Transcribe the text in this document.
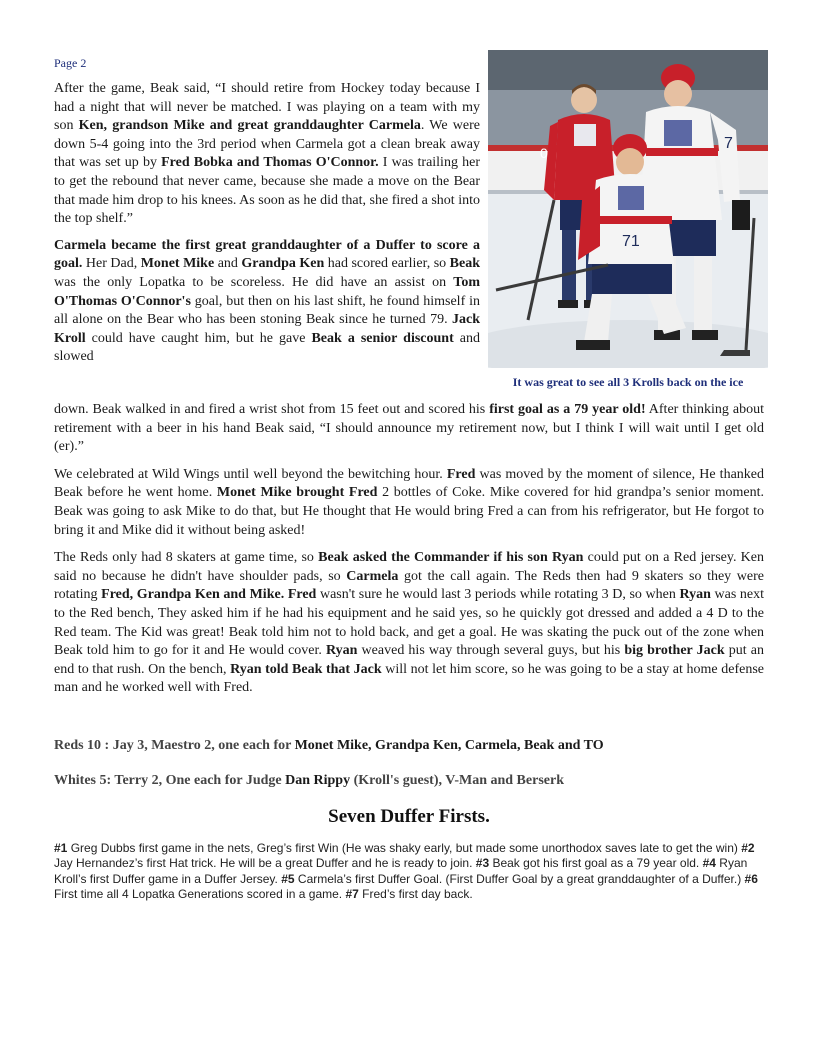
Page 2

After the game, Beak said, “I should retire from Hockey today because I had a night that will never be matched. I was playing on a team with my son Ken, grandson Mike and great granddaughter Carmela. We were down 5-4 going into the 3rd period when Carmela got a clean break away that was set up by Fred Bobka and Thomas O'Connor. I was trailing her to get the rebound that never came, because she made a move on the Bear that made him drop to his knees. As soon as he did that, she fired a shot into the top shelf.”

Carmela became the first great granddaughter of a Duffer to score a goal. Her Dad, Monet Mike and Grandpa Ken had scored earlier, so Beak was the only Lopatka to be scoreless. He did have an assist on Tom O'Thomas O'Connor's goal, but then on his last shift, he found himself in all alone on the Bear who has been stoning Beak since he turned 79. Jack Kroll could have caught him, but he gave Beak a senior discount and slowed

0
7
71
It was great to see all 3 Krolls back on the ice

down. Beak walked in and fired a wrist shot from 15 feet out and scored his first goal as a 79 year old! After thinking about retirement with a beer in his hand Beak said, “I should announce my retirement now, but I think I will wait until I get old (er).”

We celebrated at Wild Wings until well beyond the bewitching hour. Fred was moved by the moment of silence, He thanked Beak before he went home. Monet Mike brought Fred 2 bottles of Coke. Mike covered for hid grandpa’s senior moment. Beak was going to ask Mike to do that, but He thought that He would bring Fred a can from his refrigerator, but He forgot to bring it and Mike did it without being asked!

The Reds only had 8 skaters at game time, so Beak asked the Commander if his son Ryan could put on a Red jersey. Ken said no because he didn't have shoulder pads, so Carmela got the call again. The Reds then had 9 skaters so they were rotating Fred, Grandpa Ken and Mike. Fred wasn't sure he would last 3 periods while rotating 3 D, so when Ryan was next to the Red bench, They asked him if he had his equipment and he said yes, so he quickly got dressed and added a 4 D to the Red team. The Kid was great! Beak told him not to hold back, and get a goal. He was skating the puck out of the zone when Beak told him to go for it and He would cover. Ryan weaved his way through several guys, but his big brother Jack put an end to that rush. On the bench, Ryan told Beak that Jack will not let him score, so he was going to be a stay at home defense man and he worked well with Fred.

Reds 10 : Jay 3, Maestro 2, one each for Monet Mike, Grandpa Ken, Carmela, Beak and TO
Whites 5: Terry 2, One each for Judge Dan Rippy (Kroll's guest), V-Man and Berserk
Seven Duffer Firsts.
#1 Greg Dubbs first game in the nets, Greg’s first Win (He was shaky early, but made some unorthodox saves late to get the win) #2 Jay Hernandez’s first Hat trick. He will be a great Duffer and he is ready to join. #3 Beak got his first goal as a 79 year old. #4 Ryan Kroll’s first Duffer game in a Duffer Jersey. #5 Carmela’s first Duffer Goal. (First Duffer Goal by a great granddaughter of a Duffer.) #6 First time all 4 Lopatka Generations scored in a game. #7 Fred’s first day back.
